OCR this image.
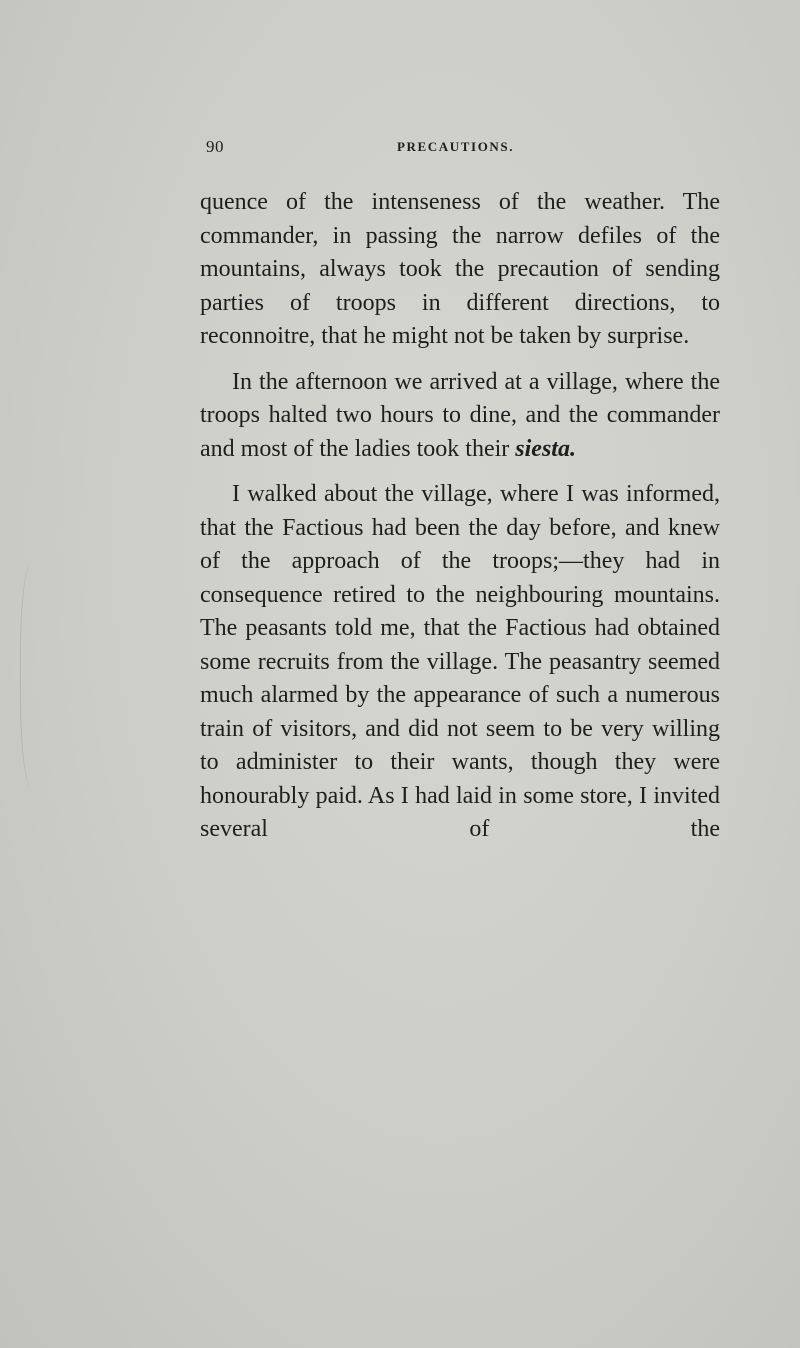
90	PRECAUTIONS.

quence of the intenseness of the weather. The commander, in passing the narrow defiles of the mountains, always took the precaution of sending parties of troops in different directions, to reconnoitre, that he might not be taken by surprise.

In the afternoon we arrived at a village, where the troops halted two hours to dine, and the commander and most of the ladies took their siesta.

I walked about the village, where I was informed, that the Factious had been the day before, and knew of the approach of the troops;—they had in consequence retired to the neighbouring mountains. The peasants told me, that the Factious had obtained some recruits from the village. The peasantry seemed much alarmed by the appearance of such a numerous train of visitors, and did not seem to be very willing to administer to their wants, though they were honourably paid. As I had laid in some store, I invited several of the
